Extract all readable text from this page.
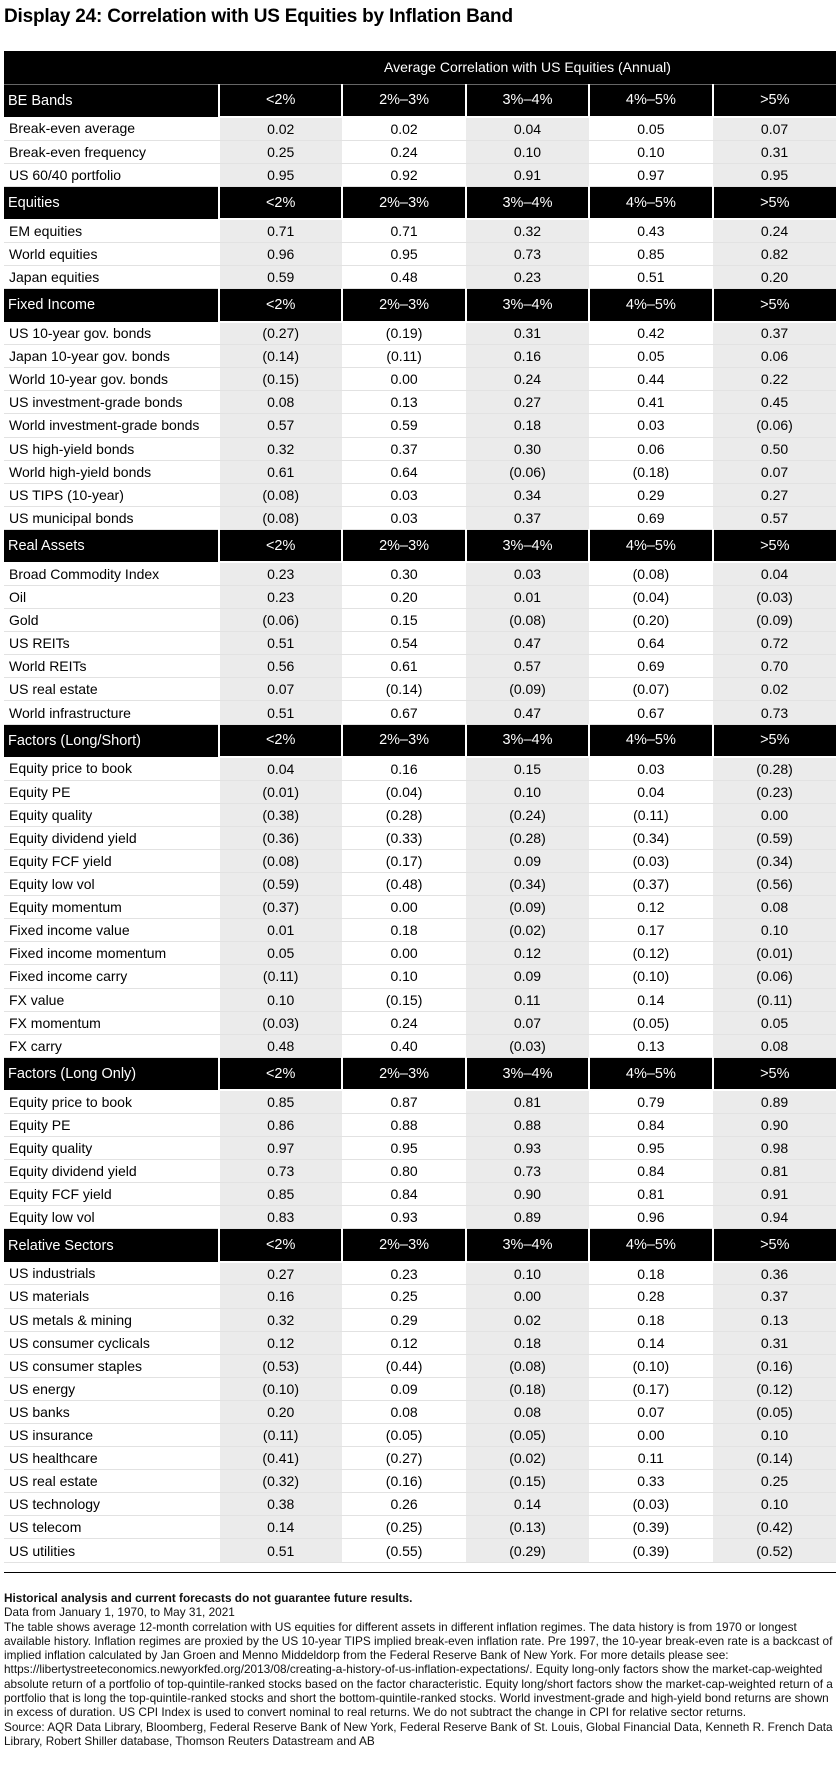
Display 24: Correlation with US Equities by Inflation Band
	Average Correlation with US Equities (Annual)				
BE Bands	<2%	2%–3%	3%–4%	4%–5%	>5%
Break-even average	0.02	0.02	0.04	0.05	0.07
Break-even frequency	0.25	0.24	0.10	0.10	0.31
US 60/40 portfolio	0.95	0.92	0.91	0.97	0.95
Equities	<2%	2%–3%	3%–4%	4%–5%	>5%
EM equities	0.71	0.71	0.32	0.43	0.24
World equities	0.96	0.95	0.73	0.85	0.82
Japan equities	0.59	0.48	0.23	0.51	0.20
Fixed Income	<2%	2%–3%	3%–4%	4%–5%	>5%
US 10-year gov. bonds	(0.27)	(0.19)	0.31	0.42	0.37
Japan 10-year gov. bonds	(0.14)	(0.11)	0.16	0.05	0.06
World 10-year gov. bonds	(0.15)	0.00	0.24	0.44	0.22
US investment-grade bonds	0.08	0.13	0.27	0.41	0.45
World investment-grade bonds	0.57	0.59	0.18	0.03	(0.06)
US high-yield bonds	0.32	0.37	0.30	0.06	0.50
World high-yield bonds	0.61	0.64	(0.06)	(0.18)	0.07
US TIPS (10-year)	(0.08)	0.03	0.34	0.29	0.27
US municipal bonds	(0.08)	0.03	0.37	0.69	0.57
Real Assets	<2%	2%–3%	3%–4%	4%–5%	>5%
Broad Commodity Index	0.23	0.30	0.03	(0.08)	0.04
Oil	0.23	0.20	0.01	(0.04)	(0.03)
Gold	(0.06)	0.15	(0.08)	(0.20)	(0.09)
US REITs	0.51	0.54	0.47	0.64	0.72
World REITs	0.56	0.61	0.57	0.69	0.70
US real estate	0.07	(0.14)	(0.09)	(0.07)	0.02
World infrastructure	0.51	0.67	0.47	0.67	0.73
Factors (Long/Short)	<2%	2%–3%	3%–4%	4%–5%	>5%
Equity price to book	0.04	0.16	0.15	0.03	(0.28)
Equity PE	(0.01)	(0.04)	0.10	0.04	(0.23)
Equity quality	(0.38)	(0.28)	(0.24)	(0.11)	0.00
Equity dividend yield	(0.36)	(0.33)	(0.28)	(0.34)	(0.59)
Equity FCF yield	(0.08)	(0.17)	0.09	(0.03)	(0.34)
Equity low vol	(0.59)	(0.48)	(0.34)	(0.37)	(0.56)
Equity momentum	(0.37)	0.00	(0.09)	0.12	0.08
Fixed income value	0.01	0.18	(0.02)	0.17	0.10
Fixed income momentum	0.05	0.00	0.12	(0.12)	(0.01)
Fixed income carry	(0.11)	0.10	0.09	(0.10)	(0.06)
FX value	0.10	(0.15)	0.11	0.14	(0.11)
FX momentum	(0.03)	0.24	0.07	(0.05)	0.05
FX carry	0.48	0.40	(0.03)	0.13	0.08
Factors (Long Only)	<2%	2%–3%	3%–4%	4%–5%	>5%
Equity price to book	0.85	0.87	0.81	0.79	0.89
Equity PE	0.86	0.88	0.88	0.84	0.90
Equity quality	0.97	0.95	0.93	0.95	0.98
Equity dividend yield	0.73	0.80	0.73	0.84	0.81
Equity FCF yield	0.85	0.84	0.90	0.81	0.91
Equity low vol	0.83	0.93	0.89	0.96	0.94
Relative Sectors	<2%	2%–3%	3%–4%	4%–5%	>5%
US industrials	0.27	0.23	0.10	0.18	0.36
US materials	0.16	0.25	0.00	0.28	0.37
US metals & mining	0.32	0.29	0.02	0.18	0.13
US consumer cyclicals	0.12	0.12	0.18	0.14	0.31
US consumer staples	(0.53)	(0.44)	(0.08)	(0.10)	(0.16)
US energy	(0.10)	0.09	(0.18)	(0.17)	(0.12)
US banks	0.20	0.08	0.08	0.07	(0.05)
US insurance	(0.11)	(0.05)	(0.05)	0.00	0.10
US healthcare	(0.41)	(0.27)	(0.02)	0.11	(0.14)
US real estate	(0.32)	(0.16)	(0.15)	0.33	0.25
US technology	0.38	0.26	0.14	(0.03)	0.10
US telecom	0.14	(0.25)	(0.13)	(0.39)	(0.42)
US utilities	0.51	(0.55)	(0.29)	(0.39)	(0.52)
Historical analysis and current forecasts do not guarantee future results.
Data from January 1, 1970, to May 31, 2021
The table shows average 12-month correlation with US equities for different assets in different inflation regimes. The data history is from 1970 or longest available history. Inflation regimes are proxied by the US 10-year TIPS implied break-even inflation rate. Pre 1997, the 10-year break-even rate is a backcast of implied inflation calculated by Jan Groen and Menno Middeldorp from the Federal Reserve Bank of New York. For more details please see: https://libertystreeteconomics.newyorkfed.org/2013/08/creating-a-history-of-us-inflation-expectations/. Equity long-only factors show the market-cap-weighted absolute return of a portfolio of top-quintile-ranked stocks based on the factor characteristic. Equity long/short factors show the market-cap-weighted return of a portfolio that is long the top-quintile-ranked stocks and short the bottom-quintile-ranked stocks. World investment-grade and high-yield bond returns are shown in excess of duration. US CPI Index is used to convert nominal to real returns. We do not subtract the change in CPI for relative sector returns.
Source: AQR Data Library, Bloomberg, Federal Reserve Bank of New York, Federal Reserve Bank of St. Louis, Global Financial Data, Kenneth R. French Data Library, Robert Shiller database, Thomson Reuters Datastream and AB
